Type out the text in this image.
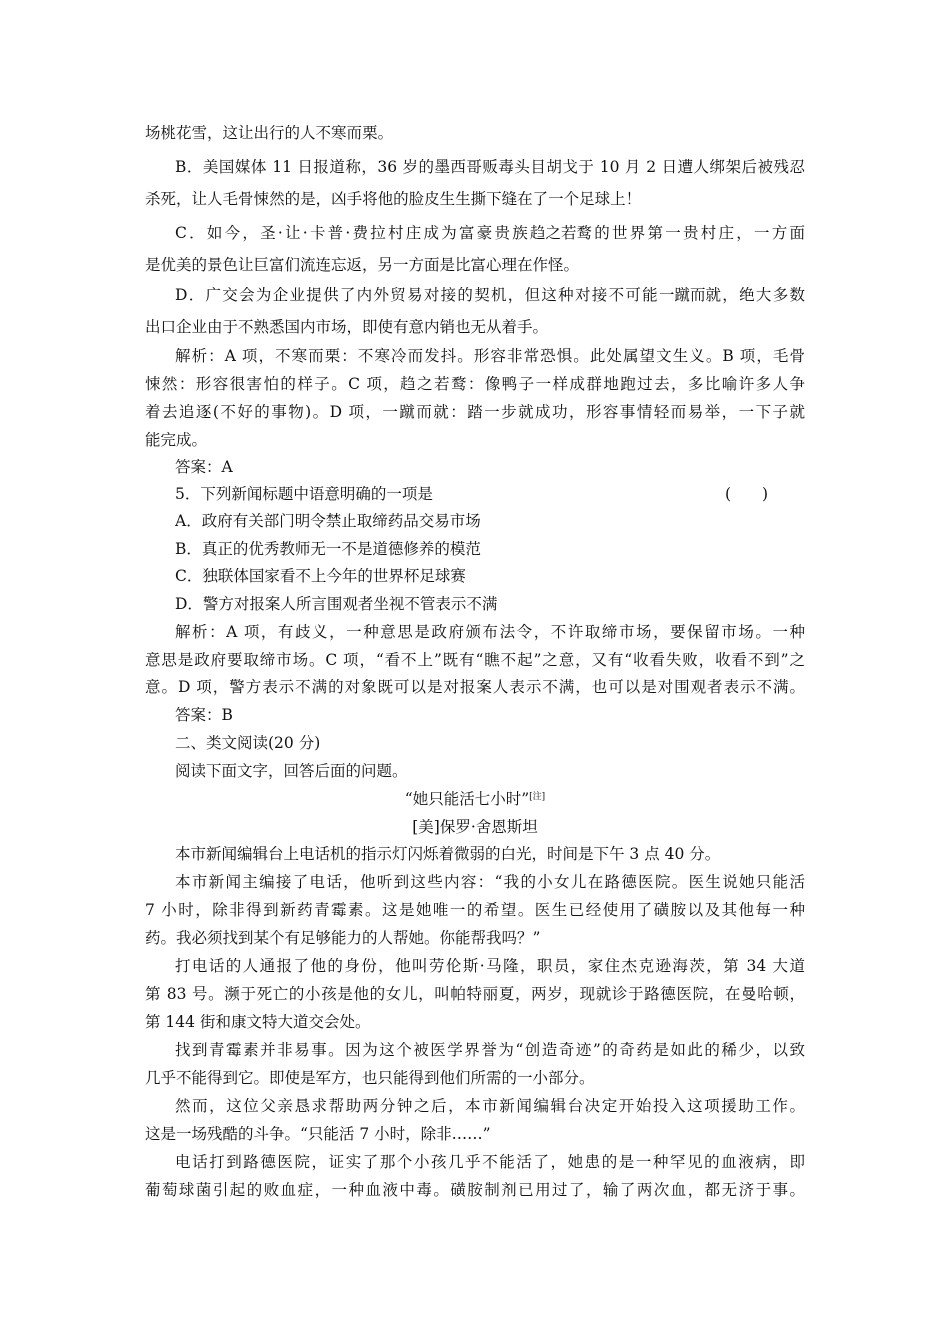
场桃花雪，这让出行的人不寒而栗。
B．美国媒体 11 日报道称，36 岁的墨西哥贩毒头目胡戈于 10 月 2 日遭人绑架后被残忍
杀死，让人毛骨悚然的是，凶手将他的脸皮生生撕下缝在了一个足球上！
C．如今，圣·让·卡普·费拉村庄成为富豪贵族趋之若鹜的世界第一贵村庄，一方面
是优美的景色让巨富们流连忘返，另一方面是比富心理在作怪。
D．广交会为企业提供了内外贸易对接的契机，但这种对接不可能一蹴而就，绝大多数
出口企业由于不熟悉国内市场，即使有意内销也无从着手。
解析：A 项，不寒而栗：不寒冷而发抖。形容非常恐惧。此处属望文生义。B 项，毛骨
悚然：形容很害怕的样子。C 项，趋之若鹜：像鸭子一样成群地跑过去，多比喻许多人争
着去追逐(不好的事物)。D 项，一蹴而就：踏一步就成功，形容事情轻而易举，一下子就
能完成。
答案：A
5．下列新闻标题中语意明确的一项是	(　　)
A．政府有关部门明令禁止取缔药品交易市场
B．真正的优秀教师无一不是道德修养的模范
C．独联体国家看不上今年的世界杯足球赛
D．警方对报案人所言围观者坐视不管表示不满
解析：A 项，有歧义，一种意思是政府颁布法令，不许取缔市场，要保留市场。一种
意思是政府要取缔市场。C 项，“看不上”既有“瞧不起”之意，又有“收看失败，收看不到”之
意。D 项，警方表示不满的对象既可以是对报案人表示不满，也可以是对围观者表示不满。
答案：B
二、类文阅读(20 分)
阅读下面文字，回答后面的问题。
“她只能活七小时”[注]
[美]保罗·舍恩斯坦
本市新闻编辑台上电话机的指示灯闪烁着微弱的白光，时间是下午 3 点 40 分。
本市新闻主编接了电话，他听到这些内容：“我的小女儿在路德医院。医生说她只能活
7 小时，除非得到新药青霉素。这是她唯一的希望。医生已经使用了磺胺以及其他每一种
药。我必须找到某个有足够能力的人帮她。你能帮我吗？”
打电话的人通报了他的身份，他叫劳伦斯·马隆，职员，家住杰克逊海茨，第 34 大道
第 83 号。濒于死亡的小孩是他的女儿，叫帕特丽夏，两岁，现就诊于路德医院，在曼哈顿，
第 144 街和康文特大道交会处。
找到青霉素并非易事。因为这个被医学界誉为“创造奇迹”的奇药是如此的稀少，以致
几乎不能得到它。即使是军方，也只能得到他们所需的一小部分。
然而，这位父亲恳求帮助两分钟之后，本市新闻编辑台决定开始投入这项援助工作。
这是一场残酷的斗争。“只能活 7 小时，除非……”
电话打到路德医院，证实了那个小孩几乎不能活了，她患的是一种罕见的血液病，即
葡萄球菌引起的败血症，一种血液中毒。磺胺制剂已用过了，输了两次血，都无济于事。
